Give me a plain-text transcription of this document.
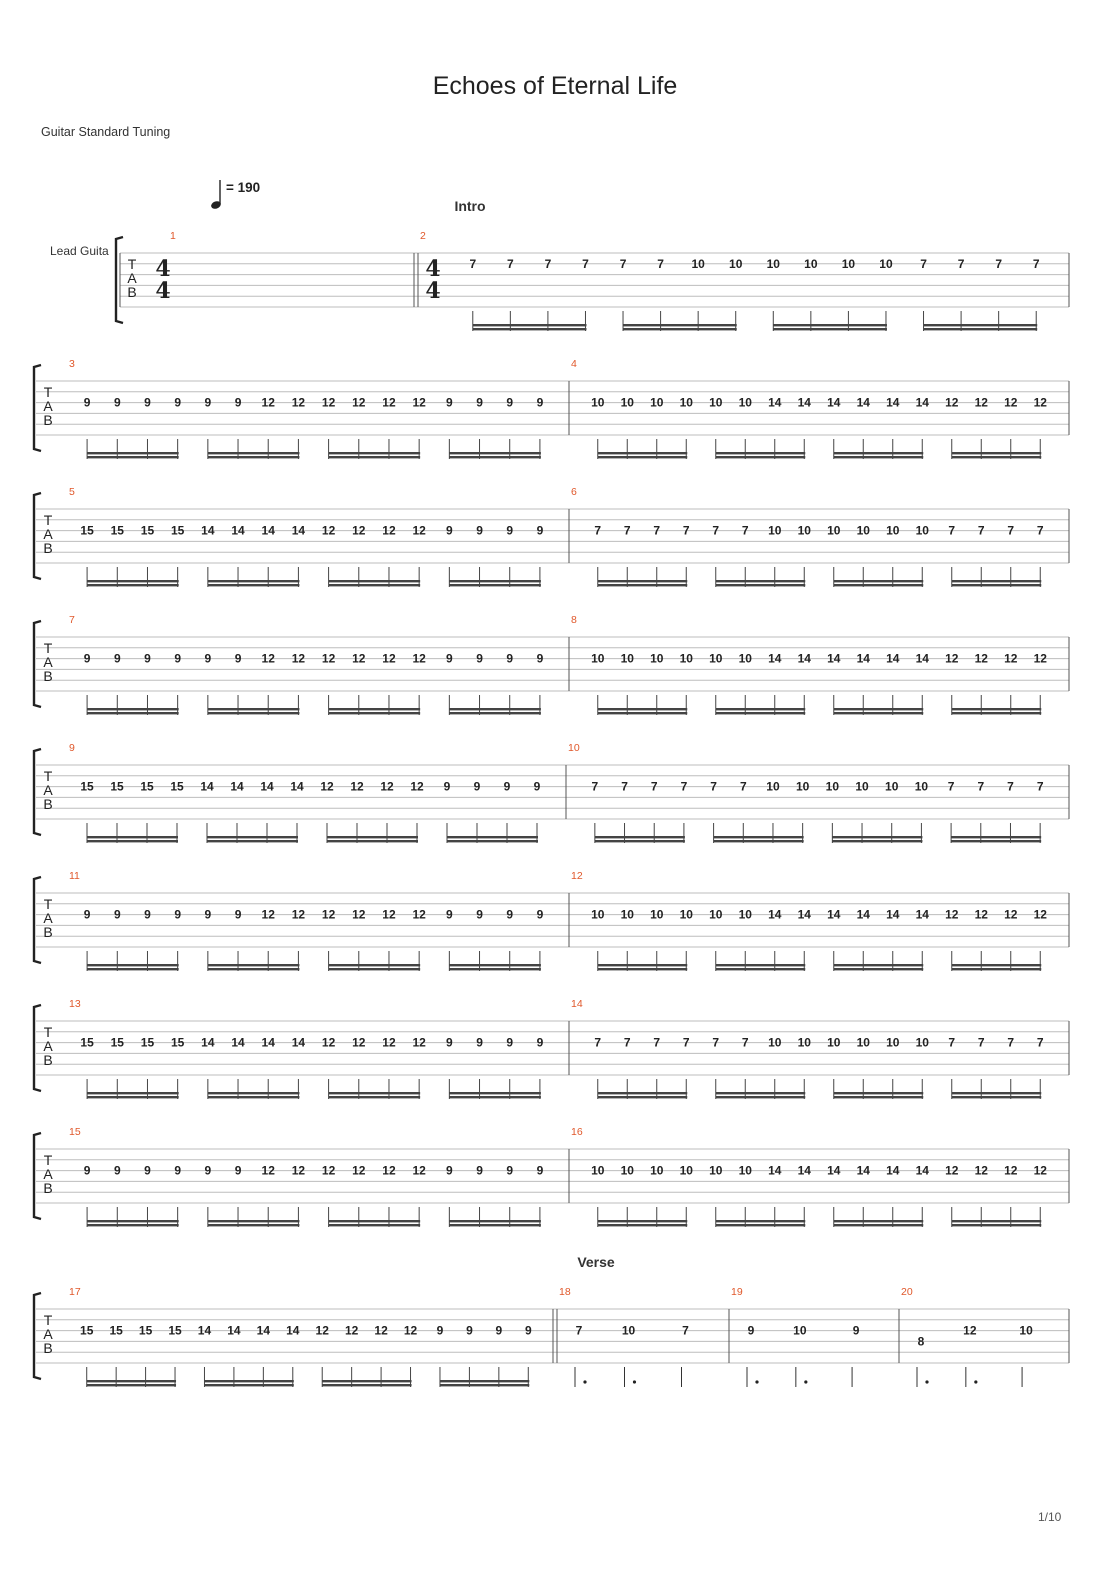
Echoes of Eternal Life
Guitar Standard Tuning
= 190
1/10
T
A
B
Lead Guita
1
4
4
2
Intro
4
4
7	7	7	7	7	7 10 10 10 10 10 10 7	7	7	7
T
A
B
3
9 9 9 9 9 9 12 12 12 12 12 12 9 9 9 9
4
10 10 10 10 10 10 14 14 14 14 14 14 12 12 12 12
T
A
B
5
15 15 15 15 14 14 14 14 12 12 12 12 9 9 9 9
6
7 7 7 7 7 7 10 10 10 10 10 10 7 7 7 7
T
A
B
7
9 9 9 9 9 9 12 12 12 12 12 12 9 9 9 9
8
10 10 10 10 10 10 14 14 14 14 14 14 12 12 12 12
T
A
B
9
15 15 15 15 14 14 14 14 12 12 12 12 9 9 9 9
10
7 7 7 7 7 7 10 10 10 10 10 10 7 7 7 7
T
A
B
11
9 9 9 9 9 9 12 12 12 12 12 12 9 9 9 9
12
10 10 10 10 10 10 14 14 14 14 14 14 12 12 12 12
T
A
B
13
15 15 15 15 14 14 14 14 12 12 12 12 9 9 9 9
14
7 7 7 7 7 7 10 10 10 10 10 10 7 7 7 7
T
A
B
15
9 9 9 9 9 9 12 12 12 12 12 12 9 9 9 9
16
10 10 10 10 10 10 14 14 14 14 14 14 12 12 12 12
T
A
B
17
15 15 15 15 14 14 14 14 12 12 12 12 9 9 9 9
18
Verse
7	10	7
19
9	10	9
20
8
12	10
